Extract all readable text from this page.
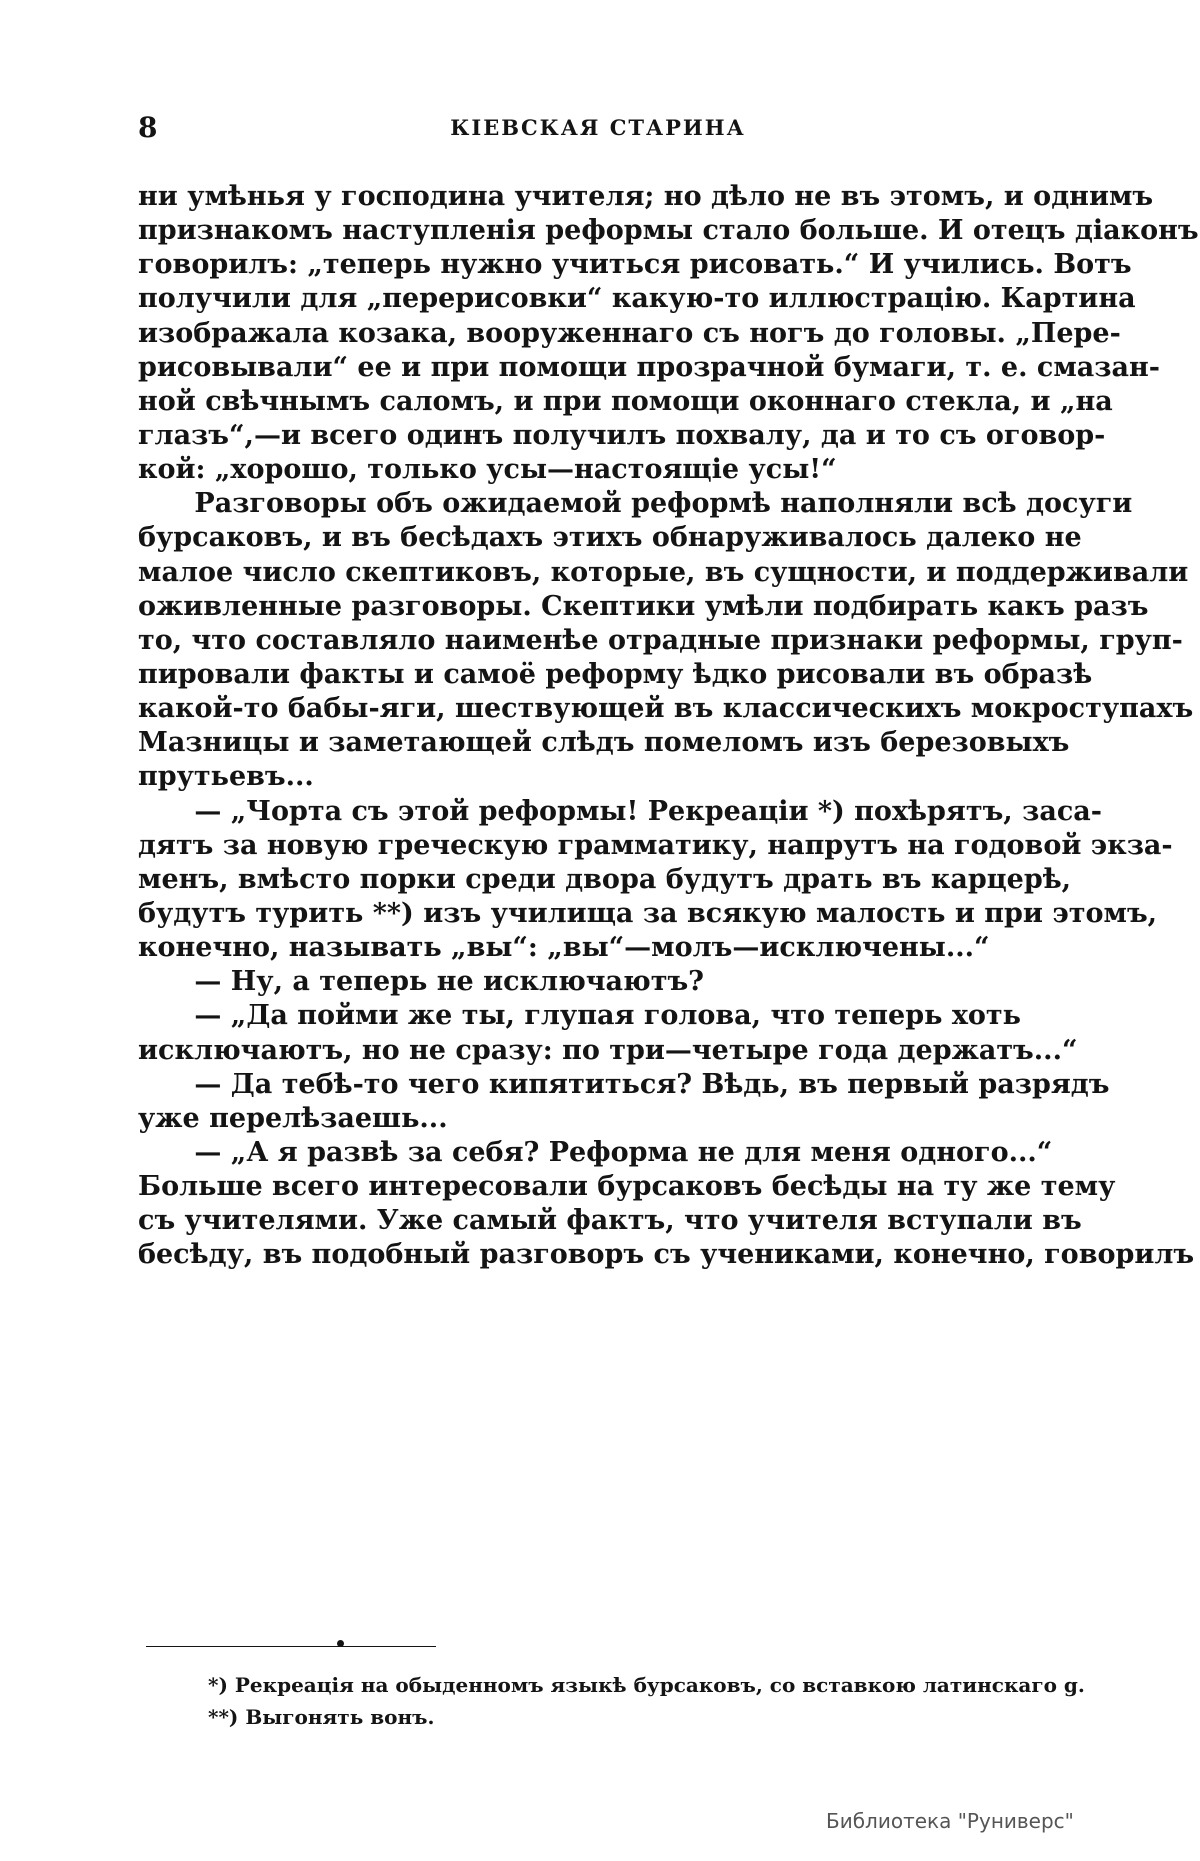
8	КІЕВСКАЯ СТАРИНА
ни умѣнья у господина учителя; но дѣло не въ этомъ, и однимъ
признакомъ наступленія реформы стало больше. И отецъ діаконъ
говорилъ: „теперь нужно учиться рисовать.“ И учились. Вотъ
получили для „перерисовки“ какую-то иллюстрацію. Картина
изображала козака, вооруженнаго съ ногъ до головы. „Пере-
рисовывали“ ее и при помощи прозрачной бумаги, т. е. смазан-
ной свѣчнымъ саломъ, и при помощи оконнаго стекла, и „на
глазъ“,—и всего одинъ получилъ похвалу, да и то съ оговор-
кой: „хорошо, только усы—настоящіе усы!“
Разговоры объ ожидаемой реформѣ наполняли всѣ досуги
бурсаковъ, и въ бесѣдахъ этихъ обнаруживалось далеко не
малое число скептиковъ, которые, въ сущности, и поддерживали
оживленные разговоры. Скептики умѣли подбирать какъ разъ
то, что составляло наименѣе отрадные признаки реформы, груп-
пировали факты и самоё реформу ѣдко рисовали въ образѣ
какой-то бабы-яги, шествующей въ классическихъ мокроступахъ
Мазницы и заметающей слѣдъ помеломъ изъ березовыхъ
прутьевъ...
— „Чорта съ этой реформы! Рекреаціи *) похѣрятъ, заса-
дятъ за новую греческую грамматику, напрутъ на годовой экза-
менъ, вмѣсто порки среди двора будутъ драть въ карцерѣ,
будутъ турить **) изъ училища за всякую малость и при этомъ,
конечно, называть „вы“: „вы“—молъ—исключены...“
— Ну, а теперь не исключаютъ?
— „Да пойми же ты, глупая голова, что теперь хоть
исключаютъ, но не сразу: по три—четыре года держатъ...“
— Да тебѣ-то чего кипятиться? Вѣдь, въ первый разрядъ
уже перелѣзаешь...
— „А я развѣ за себя? Реформа не для меня одного...“
Больше всего интересовали бурсаковъ бесѣды на ту же тему
съ учителями. Уже самый фактъ, что учителя вступали въ
бесѣду, въ подобный разговоръ съ учениками, конечно, говорилъ
*) Рекреація на обыденномъ языкѣ бурсаковъ, со вставкою латинскаго g.
**) Выгонять вонъ.
Библиотека "Руниверс"
